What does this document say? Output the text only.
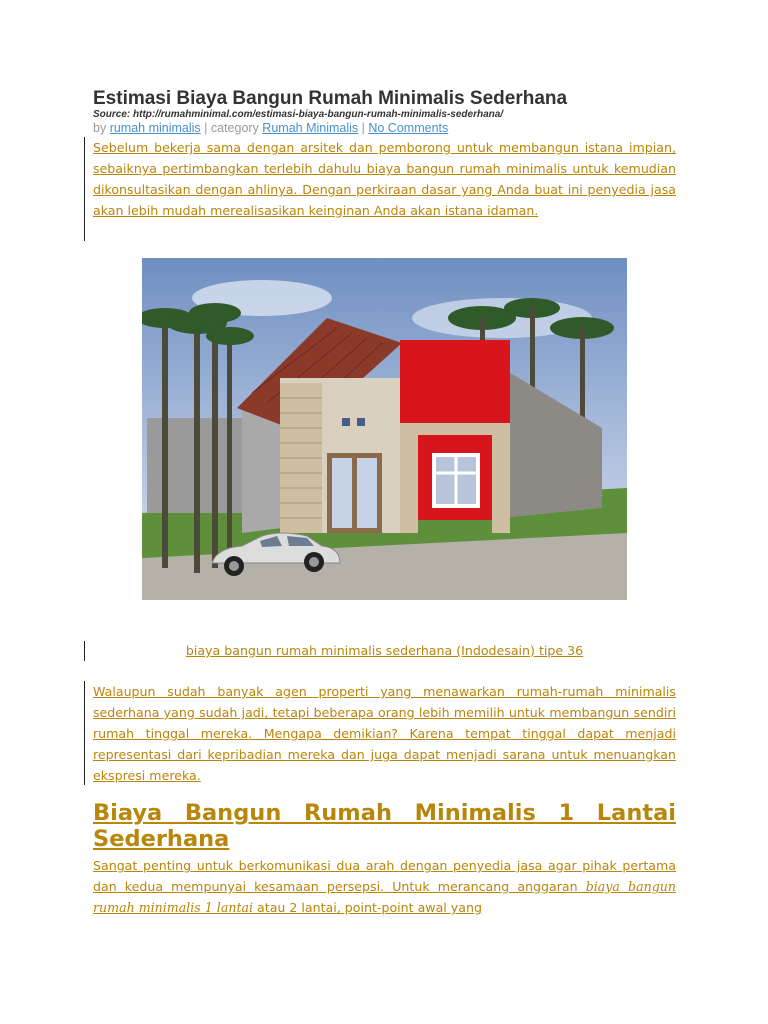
Estimasi Biaya Bangun Rumah Minimalis Sederhana
Source: http://rumahminimal.com/estimasi-biaya-bangun-rumah-minimalis-sederhana/
by rumah minimalis | category Rumah Minimalis | No Comments
Sebelum bekerja sama dengan arsitek dan pemborong untuk membangun istana impian, sebaiknya pertimbangkan terlebih dahulu biaya bangun rumah minimalis untuk kemudian dikonsultasikan dengan ahlinya. Dengan perkiraan dasar yang Anda buat ini penyedia jasa akan lebih mudah merealisasikan keinginan Anda akan istana idaman.
biaya bangun rumah minimalis sederhana (Indodesain) tipe 36
Walaupun sudah banyak agen properti yang menawarkan rumah-rumah minimalis sederhana yang sudah jadi, tetapi beberapa orang lebih memilih untuk membangun sendiri rumah tinggal mereka. Mengapa demikian? Karena tempat tinggal dapat menjadi representasi dari kepribadian mereka dan juga dapat menjadi sarana untuk menuangkan ekspresi mereka.
Biaya Bangun Rumah Minimalis 1 Lantai Sederhana
Sangat penting untuk berkomunikasi dua arah dengan penyedia jasa agar pihak pertama dan kedua mempunyai kesamaan persepsi. Untuk merancang anggaran biaya bangun rumah minimalis 1 lantai atau 2 lantai, point-point awal yang
